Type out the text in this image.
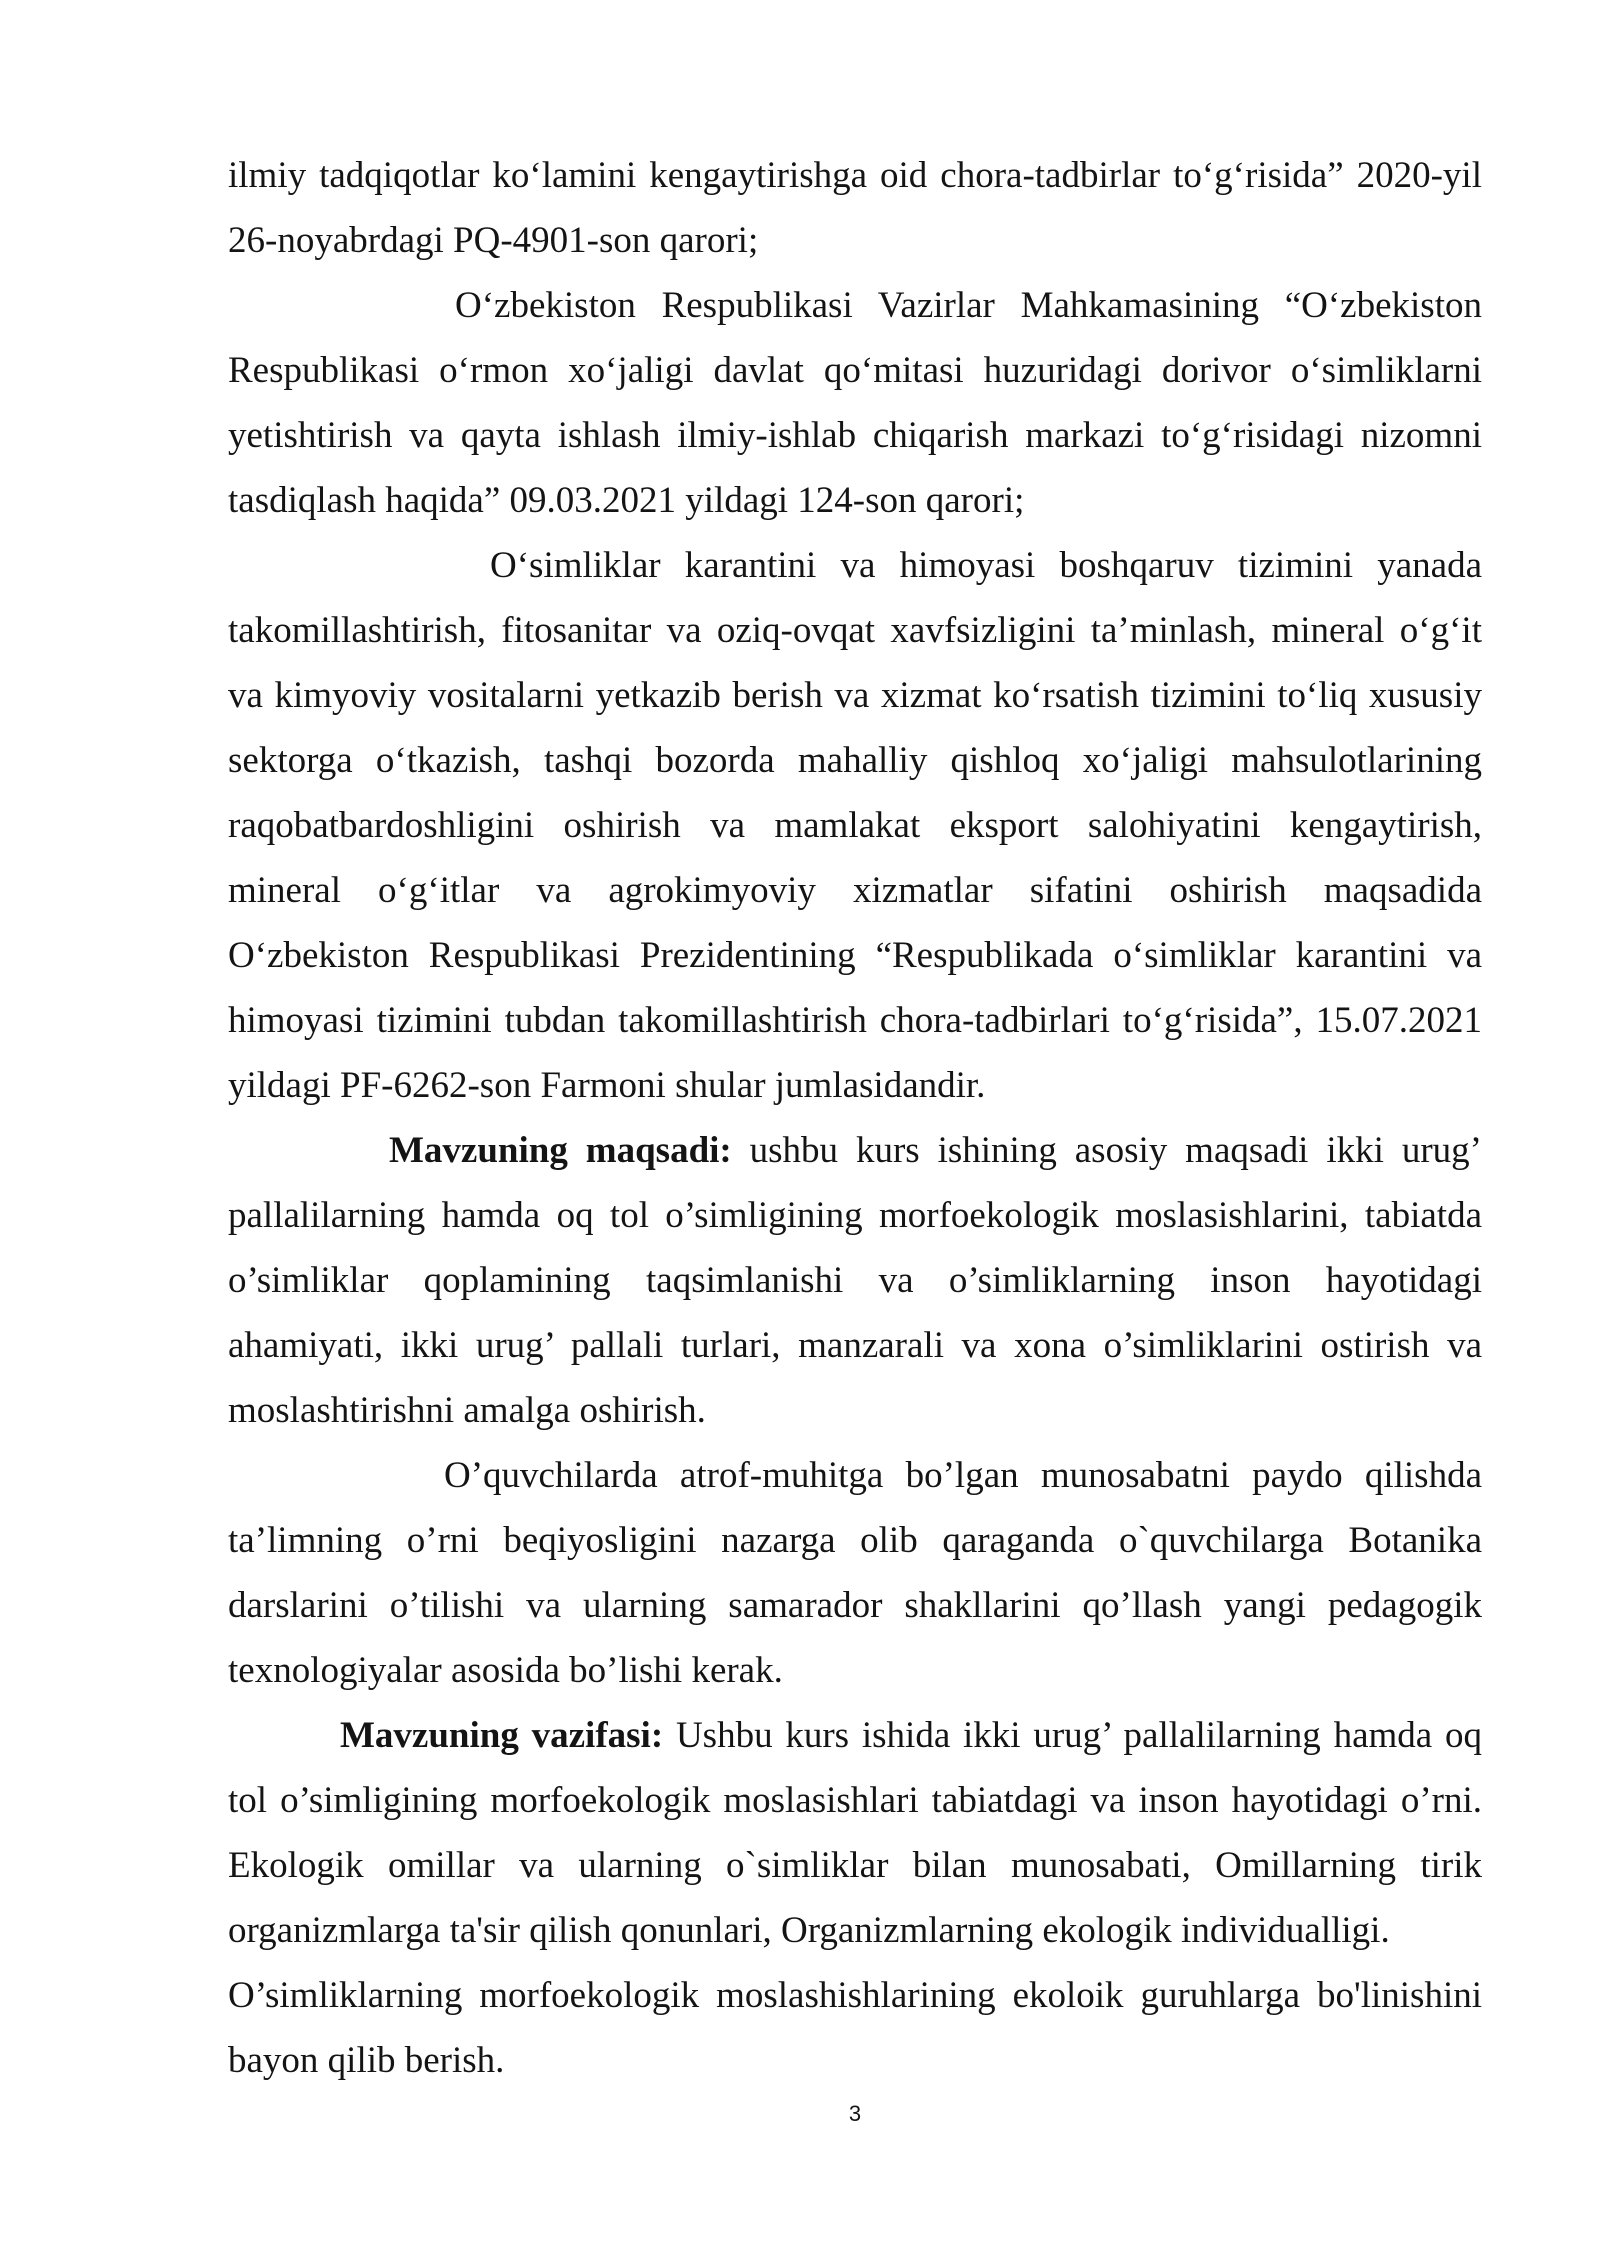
ilmiy tadqiqotlar ko‘lamini kengaytirishga oid chora-tadbirlar to‘g‘risida” 2020-yil
26-noyabrdagi PQ-4901-son qarori;
O‘zbekiston Respublikasi Vazirlar Mahkamasining “O‘zbekiston
Respublikasi o‘rmon xo‘jaligi davlat qo‘mitasi huzuridagi dorivor o‘simliklarni
yetishtirish va qayta ishlash ilmiy-ishlab chiqarish markazi to‘g‘risidagi nizomni
tasdiqlash haqida” 09.03.2021 yildagi 124-son qarori;
O‘simliklar karantini va himoyasi boshqaruv tizimini yanada
takomillashtirish, fitosanitar va oziq-ovqat xavfsizligini ta’minlash, mineral o‘g‘it
va kimyoviy vositalarni yetkazib berish va xizmat ko‘rsatish tizimini to‘liq xususiy
sektorga o‘tkazish, tashqi bozorda mahalliy qishloq xo‘jaligi mahsulotlarining
raqobatbardoshligini oshirish va mamlakat eksport salohiyatini kengaytirish,
mineral o‘g‘itlar va agrokimyoviy xizmatlar sifatini oshirish maqsadida
O‘zbekiston Respublikasi Prezidentining “Respublikada o‘simliklar karantini va
himoyasi tizimini tubdan takomillashtirish chora-tadbirlari to‘g‘risida”, 15.07.2021
yildagi PF-6262-son Farmoni shular jumlasidandir.
Mavzuning maqsadi: ushbu kurs ishining asosiy maqsadi ikki urug’
pallalilarning hamda oq tol o’simligining morfoekologik moslasishlarini, tabiatda
o’simliklar qoplamining taqsimlanishi va o’simliklarning inson hayotidagi
ahamiyati, ikki urug’ pallali turlari, manzarali va xona o’simliklarini ostirish va
moslashtirishni amalga oshirish.
O’quvchilarda atrof-muhitga bo’lgan munosabatni paydo qilishda
ta’limning o’rni beqiyosligini nazarga olib qaraganda o`quvchilarga Botanika
darslarini o’tilishi va ularning samarador shakllarini qo’llash yangi pedagogik
texnologiyalar asosida bo’lishi kerak.
Mavzuning vazifasi: Ushbu kurs ishida ikki urug’ pallalilarning hamda oq
tol o’simligining morfoekologik moslasishlari tabiatdagi va inson hayotidagi o’rni.
Ekologik omillar va ularning o`simliklar bilan munosabati, Omillarning tirik
organizmlarga ta'sir qilish qonunlari, Organizmlarning ekologik individualligi.
O’simliklarning morfoekologik moslashishlarining ekoloik guruhlarga bo'linishini
bayon qilib berish.
3
